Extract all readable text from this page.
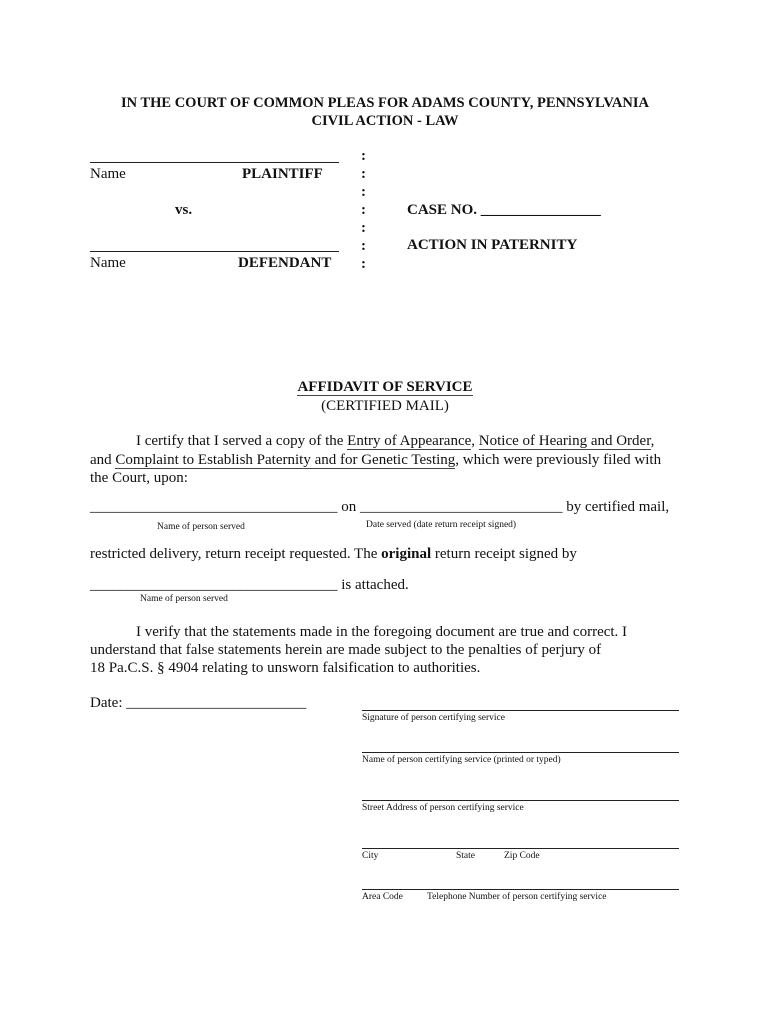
IN THE COURT OF COMMON PLEAS FOR ADAMS COUNTY, PENNSYLVANIA
CIVIL ACTION - LAW
Name	PLAINTIFF
vs.
Name	DEFENDANT
:
:
:
:
:
:
:
CASE NO. ________________
ACTION IN PATERNITY
AFFIDAVIT OF SERVICE
(CERTIFIED MAIL)
I certify that I served a copy of the Entry of Appearance, Notice of Hearing and Order,
and Complaint to Establish Paternity and for Genetic Testing, which were previously filed with
the Court, upon:
_________________________________ on ___________________________ by certified mail,
Name of person served	Date served (date return receipt signed)
restricted delivery, return receipt requested. The original return receipt signed by
_________________________________ is attached.
Name of person served
I verify that the statements made in the foregoing document are true and correct. I
understand that false statements herein are made subject to the penalties of perjury of
18 Pa.C.S. § 4904 relating to unsworn falsification to authorities.
Date: ________________________
Signature of person certifying service
Name of person certifying service (printed or typed)
Street Address of person certifying service
City	State	Zip Code
Area Code	Telephone Number of person certifying service
